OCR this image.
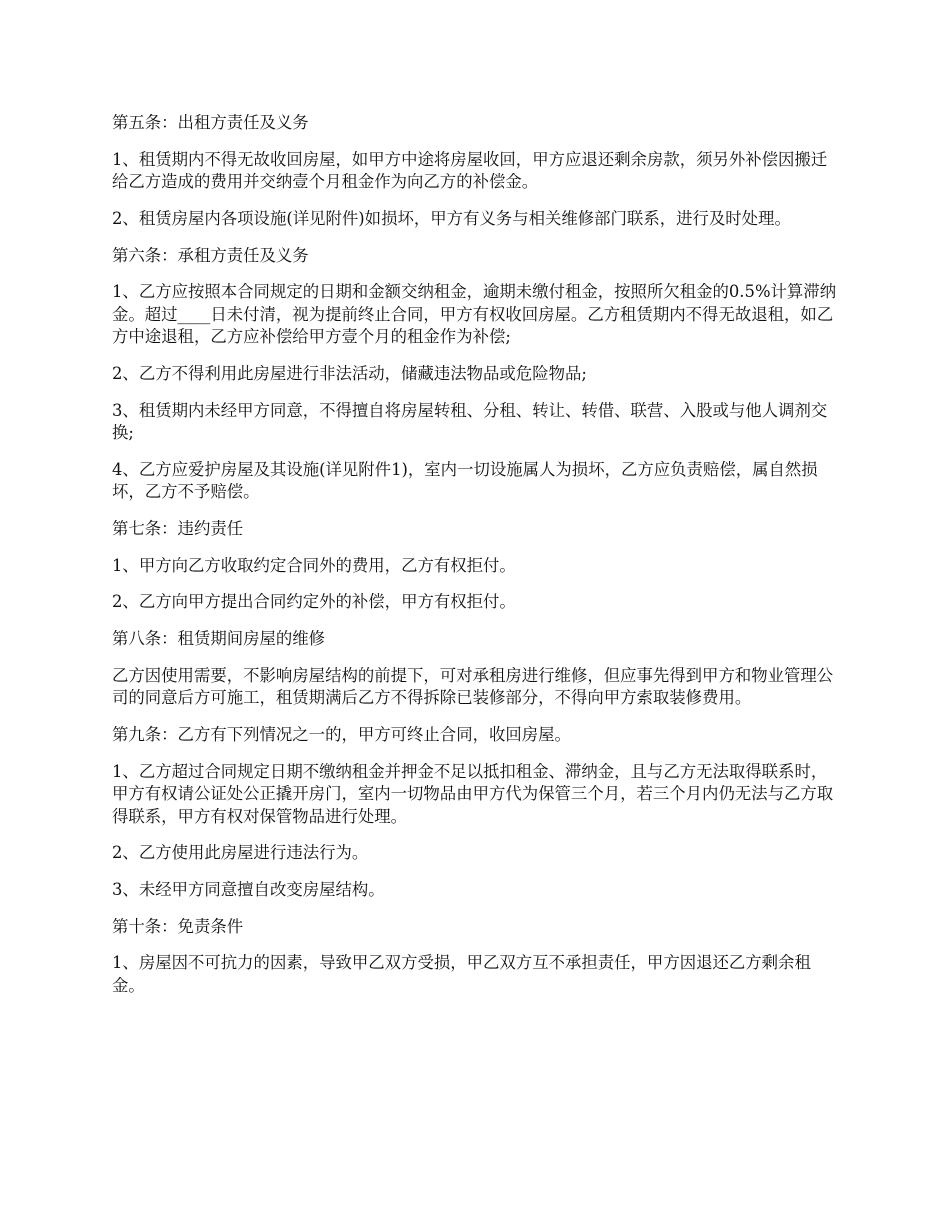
第五条：出租方责任及义务

1、租赁期内不得无故收回房屋，如甲方中途将房屋收回，甲方应退还剩余房款，须另外补偿因搬迁给乙方造成的费用并交纳壹个月租金作为向乙方的补偿金。

2、租赁房屋内各项设施(详见附件)如损坏，甲方有义务与相关维修部门联系，进行及时处理。

第六条：承租方责任及义务

1、乙方应按照本合同规定的日期和金额交纳租金，逾期未缴付租金，按照所欠租金的0.5%计算滞纳金。超过____日未付清，视为提前终止合同，甲方有权收回房屋。乙方租赁期内不得无故退租，如乙方中途退租，乙方应补偿给甲方壹个月的租金作为补偿;

2、乙方不得利用此房屋进行非法活动，储藏违法物品或危险物品;

3、租赁期内未经甲方同意，不得擅自将房屋转租、分租、转让、转借、联营、入股或与他人调剂交换;

4、乙方应爱护房屋及其设施(详见附件1)，室内一切设施属人为损坏，乙方应负责赔偿，属自然损坏，乙方不予赔偿。

第七条：违约责任

1、甲方向乙方收取约定合同外的费用，乙方有权拒付。

2、乙方向甲方提出合同约定外的补偿，甲方有权拒付。

第八条：租赁期间房屋的维修

乙方因使用需要，不影响房屋结构的前提下，可对承租房进行维修，但应事先得到甲方和物业管理公司的同意后方可施工，租赁期满后乙方不得拆除已装修部分，不得向甲方索取装修费用。

第九条：乙方有下列情况之一的，甲方可终止合同，收回房屋。

1、乙方超过合同规定日期不缴纳租金并押金不足以抵扣租金、滞纳金，且与乙方无法取得联系时，甲方有权请公证处公正撬开房门，室内一切物品由甲方代为保管三个月，若三个月内仍无法与乙方取得联系，甲方有权对保管物品进行处理。

2、乙方使用此房屋进行违法行为。

3、未经甲方同意擅自改变房屋结构。

第十条：免责条件

1、房屋因不可抗力的因素，导致甲乙双方受损，甲乙双方互不承担责任，甲方因退还乙方剩余租金。
